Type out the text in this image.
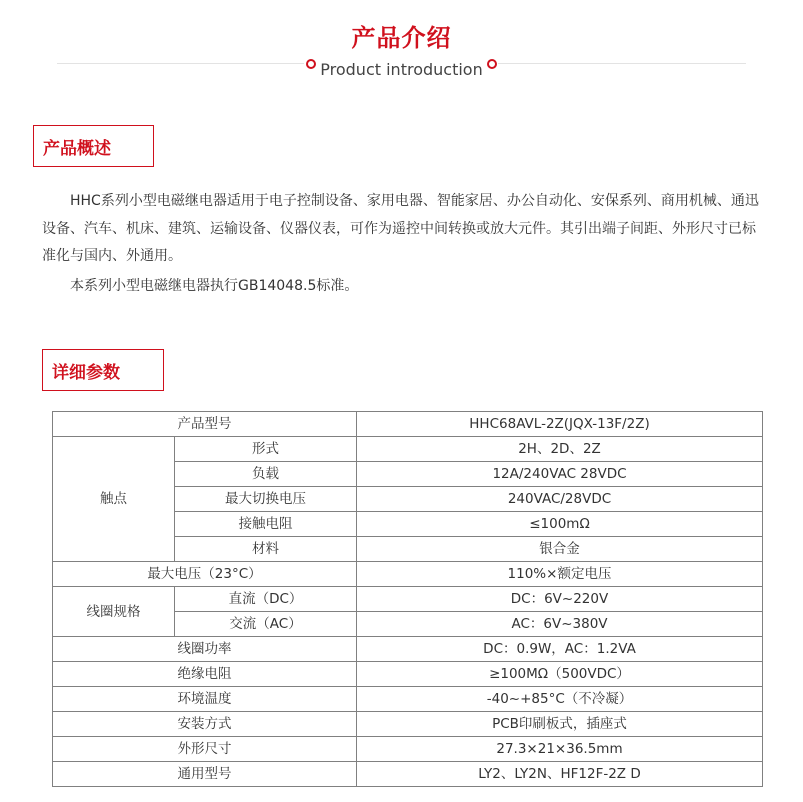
产品介绍
Product introduction
产品概述

HHC系列小型电磁继电器适用于电子控制设备、家用电器、智能家居、办公自动化、安保系列、商用机械、通迅设备、汽车、机床、建筑、运输设备、仪器仪表，可作为遥控中间转换或放大元件。其引出端子间距、外形尺寸已标准化与国内、外通用。

本系列小型电磁继电器执行GB14048.5标准。

详细参数
产品型号		HHC68AVL-2Z(JQX-13F/2Z)
触点	形式	2H、2D、2Z
	负载	12A/240VAC 28VDC
	最大切换电压	240VAC/28VDC
	接触电阻	≤100mΩ
	材料	银合金
最大电压（23°C）		110%×额定电压
线圈规格	直流（DC）	DC：6V~220V
	交流（AC）	AC：6V~380V
线圈功率		DC：0.9W，AC：1.2VA
绝缘电阻		≥100MΩ（500VDC）
环境温度		-40~+85°C（不冷凝）
安装方式		PCB印刷板式，插座式
外形尺寸		27.3×21×36.5mm
通用型号		LY2、LY2N、HF12F-2Z D
